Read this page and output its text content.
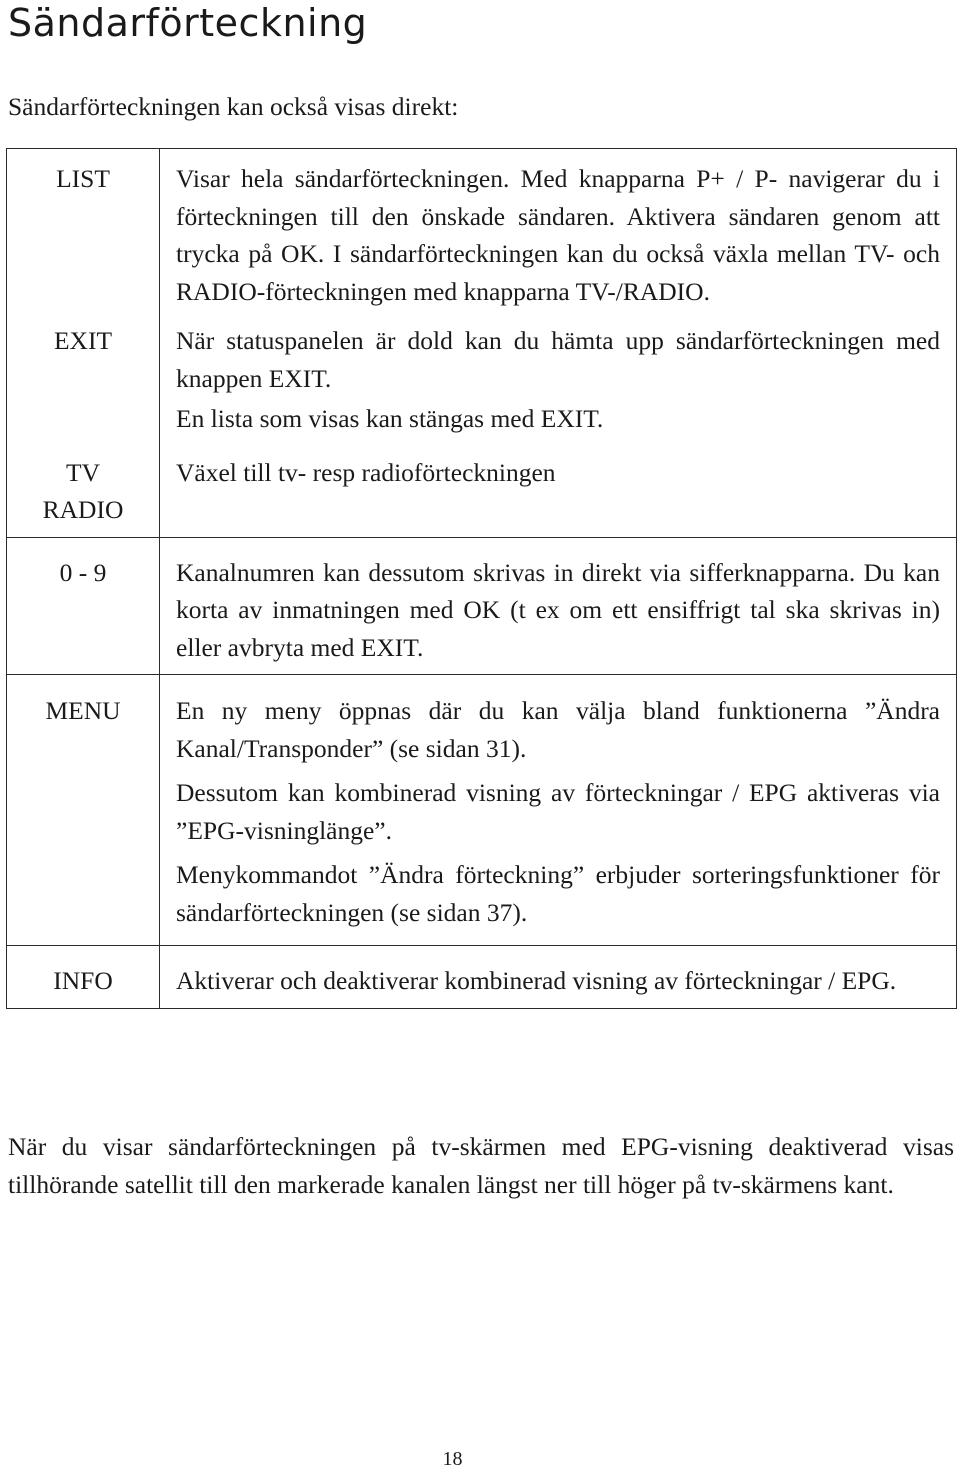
Sändarförteckning

Sändarförteckningen kan också visas direkt:

LIST	Visar hela sändarförteckningen. Med knapparna P+ / P- navigerar du i förteckningen till den önskade sändaren. Aktivera sändaren genom att trycka på OK. I sändarförteckningen kan du också växla mellan TV- och RADIO-förteckningen med knapparna TV-/RADIO.

EXIT	När statuspanelen är dold kan du hämta upp sändarförteckningen med knappen EXIT.

En lista som visas kan stängas med EXIT.

TV
RADIO	Växel till tv- resp radioförteckningen

0 - 9	Kanalnumren kan dessutom skrivas in direkt via sifferknapparna. Du kan korta av inmatningen med OK (t ex om ett ensiffrigt tal ska skrivas in) eller avbryta med EXIT.

MENU	En ny meny öppnas där du kan välja bland funktionerna ”Ändra Kanal/Transponder” (se sidan 31).

Dessutom kan kombinerad visning av förteckningar / EPG aktiveras via ”EPG-visninglänge”.

Menykommandot ”Ändra förteckning” erbjuder sorteringsfunktioner för sändarförteckningen (se sidan 37).

INFO	Aktiverar och deaktiverar kombinerad visning av förteckningar / EPG.

När du visar sändarförteckningen på tv-skärmen med EPG-visning deaktiverad visas tillhörande satellit till den markerade kanalen längst ner till höger på tv-skärmens kant.

18
